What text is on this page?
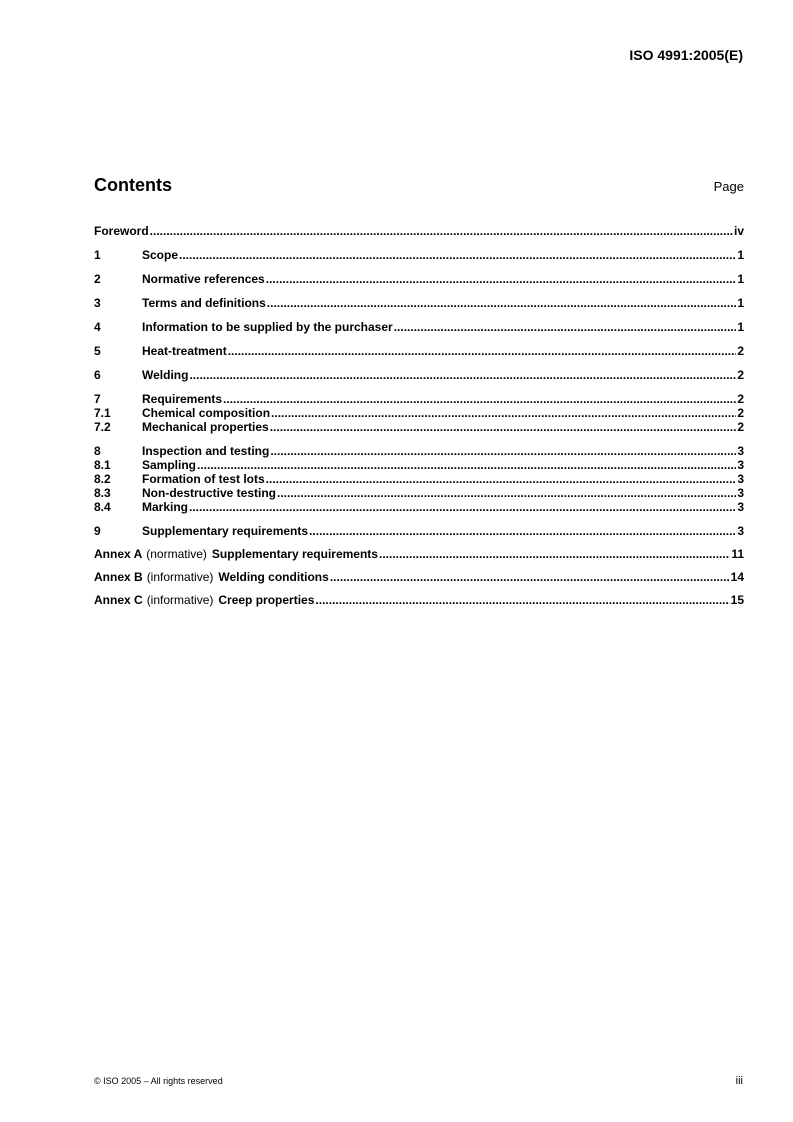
ISO 4991:2005(E)
Contents	Page
Foreword .....	iv
1	Scope .....	1
2	Normative references .....	1
3	Terms and definitions .....	1
4	Information to be supplied by the purchaser .....	1
5	Heat-treatment .....	2
6	Welding .....	2
7	Requirements .....	2
7.1	Chemical composition .....	2
7.2	Mechanical properties .....	2
8	Inspection and testing .....	3
8.1	Sampling .....	3
8.2	Formation of test lots .....	3
8.3	Non-destructive testing .....	3
8.4	Marking .....	3
9	Supplementary requirements .....	3
Annex A (normative) Supplementary requirements .....	11
Annex B (informative) Welding conditions .....	14
Annex C (informative) Creep properties .....	15
© ISO 2005 – All rights reserved	iii
